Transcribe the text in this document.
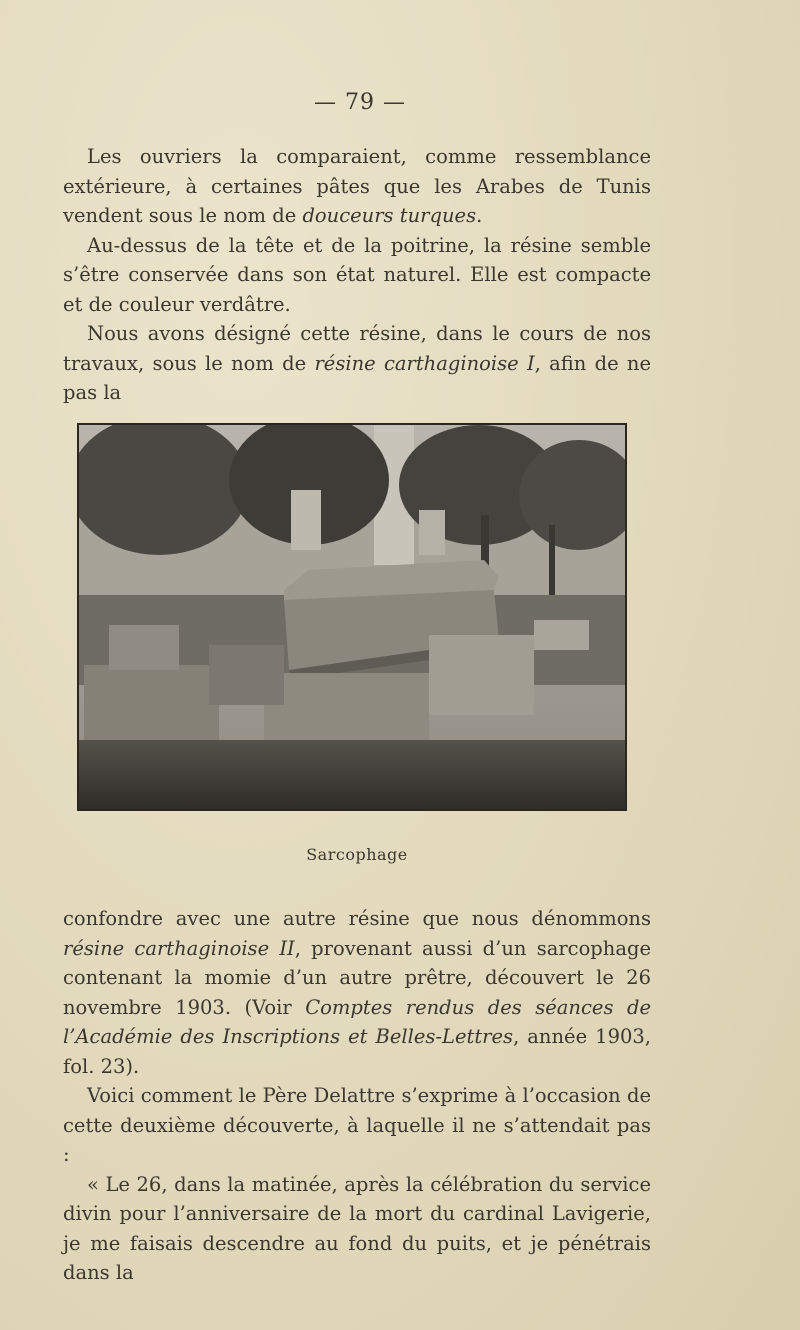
— 79 —

Les ouvriers la comparaient, comme ressemblance extérieure, à certaines pâtes que les Arabes de Tunis vendent sous le nom de douceurs turques.

Au-dessus de la tête et de la poitrine, la résine semble s’être conservée dans son état naturel. Elle est compacte et de couleur verdâtre.

Nous avons désigné cette résine, dans le cours de nos travaux, sous le nom de résine carthaginoise I, afin de ne pas la

Sarcophage

confondre avec une autre résine que nous dénommons résine carthaginoise II, provenant aussi d’un sarcophage contenant la momie d’un autre prêtre, découvert le 26 novembre 1903. (Voir Comptes rendus des séances de l’Académie des Inscriptions et Belles-Lettres, année 1903, fol. 23).

Voici comment le Père Delattre s’exprime à l’occasion de cette deuxième découverte, à laquelle il ne s’attendait pas :

« Le 26, dans la matinée, après la célébration du service divin pour l’anniversaire de la mort du cardinal Lavigerie, je me faisais descendre au fond du puits, et je pénétrais dans la
